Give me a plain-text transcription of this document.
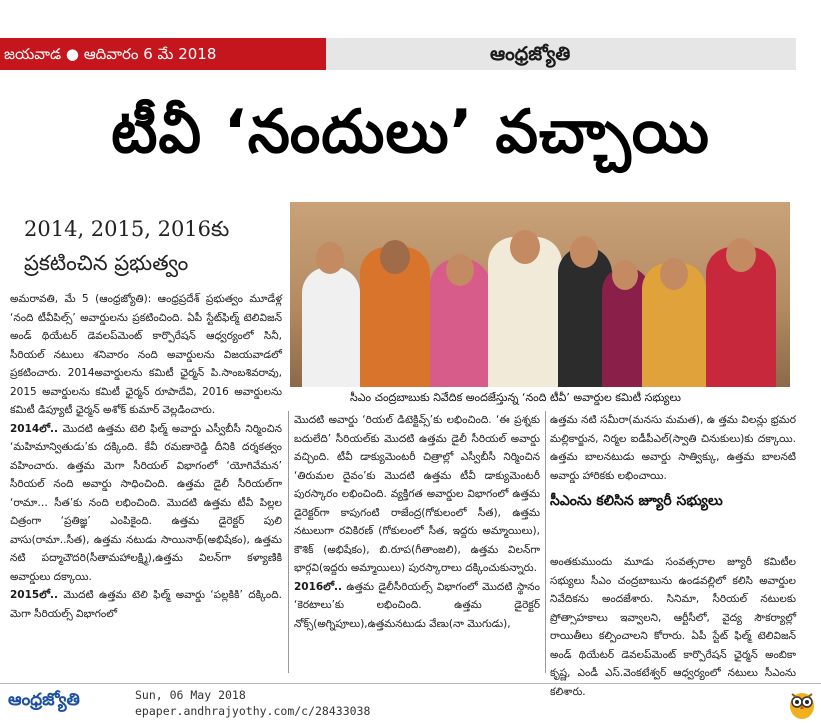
జయవాడ ● ఆదివారం 6 మే 2018	ఆంధ్రజ్యోతి
టీవీ ‘నందులు’ వచ్చాయి
2014, 2015, 2016కు
ప్రకటించిన ప్రభుత్వం
సీఎం చంద్రబాబుకు నివేదిక అందజేస్తున్న ‘నంది టీవీ’ అవార్డుల కమిటీ సభ్యులు

అమరావతి, మే 5 (ఆంధ్రజ్యోతి): ఆంధ్రప్రదేశ్ ప్రభుత్వం మూడేళ్ల ‘నంది టీవీపిల్స్’ అవార్డులను ప్రకటించింది. ఏపీ స్టేట్‌ఫిల్మ్ టెలివిజన్ అండ్ థియేటర్ డెవలప్‌మెంట్ కార్పొరేషన్ ఆధ్వర్యంలో సినీ, సీరియల్ నటులు శనివారం నంది అవార్డులను విజయవాడలో ప్రకటించారు. 2014అవార్డులను కమిటీ ఛైర్మన్ పి.సాంబశివరావు, 2015 అవార్డులను కమిటీ ఛైర్మన్ రూపాదేవి, 2016 అవార్డులను కమిటీ డిప్యూటీ ఛైర్మన్ అశోక్ కుమార్ వెల్లడించారు.

2014లో.. మొదటి ఉత్తమ టెలి ఫిల్మ్ అవార్డు ఎస్వీబీసీ నిర్మించిన ‘మహిమాన్వితుడు’కు దక్కింది. కేవీ రమణారెడ్డి దీనికి దర్శకత్వం వహించారు. ఉత్తమ మెగా సీరియల్ విభాగంలో ‘యోగివేమన’ సీరియల్ నంది అవార్డు సాధించింది. ఉత్తమ డైలీ సీరియల్‌గా ‘రామా… సీత’కు నంది లభించింది. మొదటి ఉత్తమ టీవీ పిల్లల చిత్రంగా ‘ప్రతిజ్ఞ’ ఎంపికైంది. ఉత్తమ డైరెక్టర్ పులి వాసు(రామా..సీత), ఉత్తమ నటుడు సాయినాథ్(అభిషేకం), ఉత్తమ నటి పద్మాచౌదరి(సీతామహాలక్ష్మి),ఉత్తమ విలన్‌గా కళ్యాణికి అవార్డులు దక్కాయి.

2015లో.. మొదటి ఉత్తమ టెలి ఫిల్మ్ అవార్డు ‘పల్లకికి’ దక్కింది. మెగా సీరియల్స్ విభాగంలో

మొదటి అవార్డు ‘రియల్ డిటెక్టివ్స్’కు లభించింది. ‘ఈ ప్రశ్నకు బదులేది’ సీరియల్‌కు మొదటి ఉత్తమ డైలీ సీరియల్ అవార్డు వచ్చింది. టీవీ డాక్యుమెంటరీ చిత్రాల్లో ఎస్వీబీసీ నిర్మించిన ‘తిరుమల దైవం’కు మొదటి ఉత్తమ టీవీ డాక్యుమెంటరీ పురస్కారం లభించింది. వ్యక్తిగత అవార్డుల విభాగంలో ఉత్తమ డైరెక్టర్‌గా కాపుగంటి రాజేంద్ర(గోకులంలో సీత), ఉత్తమ నటులుగా రవికిరణ్ (గోకులంలో సీత, ఇద్దరు అమ్మాయిలు), కౌశిక్ (అభిషేకం), బి.రూప(గీతాంజలి), ఉత్తమ విలన్‌గా భార్గవి(ఇద్దరు అమ్మాయిలు) పురస్కారాలు దక్కించుకున్నారు.

2016లో.. ఉత్తమ డైలీసీరియల్స్ విభాగంలో మొదటి స్థానం ‘కెరటాలు’కు లభించింది. ఉత్తమ డైరెక్టర్ నోక్స్(అగ్నిపూలు),ఉత్తమనటుడు వేణు(నా మొగుడు),

ఉత్తమ నటి సమీరా(మనసు మమత), ఉ త్తమ విలన్లు భ్రమర మల్లికార్జున, నిర్మల ఐడీపీఎల్(స్వాతి చినుకులు)కు దక్కాయి. ఉత్తమ బాలనటుడు అవార్డు సాత్విక్కు, ఉత్తమ బాలనటి అవార్డు హారికకు లభించాయి.

సీఎంను కలిసిన జ్యూరీ సభ్యులు

అంతకుముందు మూడు సంవత్సరాల జ్యూరీ కమిటీల సభ్యులు సీఎం చంద్రబాబును ఉండవల్లిలో కలిసి అవార్డుల నివేదికను అందజేశారు. సినిమా, సీరియల్ నటులకు ప్రోత్సాహకాలు ఇవ్వాలని, ఆర్టీసీలో, వైద్య సౌకర్యాల్లో రాయితీలు కల్పించాలని కోరారు. ఏపీ స్టేట్ ఫిల్మ్ టెలివిజన్ అండ్ థియేటర్ డెవలప్‌మెంట్ కార్పొరేషన్ ఛైర్మన్ అంబికా కృష్ణ, ఎండీ ఎస్.వెంకటేశ్వర్ ఆధ్వర్యంలో నటులు సీఎంను కలిశారు.

ఆంధ్రజ్యోతి	Sun, 06 May 2018
epaper.andhrajyothy.com/c/28433038
